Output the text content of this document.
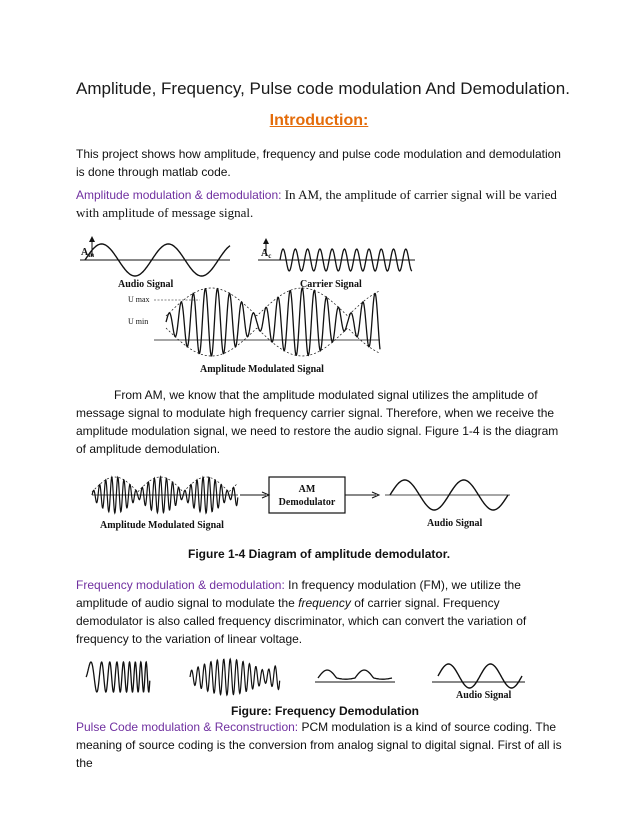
Amplitude, Frequency, Pulse code modulation And Demodulation.
Introduction:
This project shows how amplitude, frequency and pulse code modulation and demodulation is done through matlab code.
Amplitude modulation & demodulation: In AM, the amplitude of carrier signal will be varied with amplitude of message signal.
$A_m$
Audio Signal
$A_c$
Carrier Signal
U max
U min
Amplitude Modulated Signal
From AM, we know that the amplitude modulated signal utilizes the amplitude of message signal to modulate high frequency carrier signal. Therefore, when we receive the amplitude modulation signal, we need to restore the audio signal. Figure 1-4 is the diagram of amplitude demodulation.
AM
Demodulator
Amplitude Modulated Signal	Audio Signal
Figure 1-4 Diagram of amplitude demodulator.
Frequency modulation & demodulation: In frequency modulation (FM), we utilize the amplitude of audio signal to modulate the frequency of carrier signal. Frequency demodulator is also called frequency discriminator, which can convert the variation of frequency to the variation of linear voltage.
Audio Signal
Figure: Frequency Demodulation
Pulse Code modulation & Reconstruction: PCM modulation is a kind of source coding. The meaning of source coding is the conversion from analog signal to digital signal. First of all is the
